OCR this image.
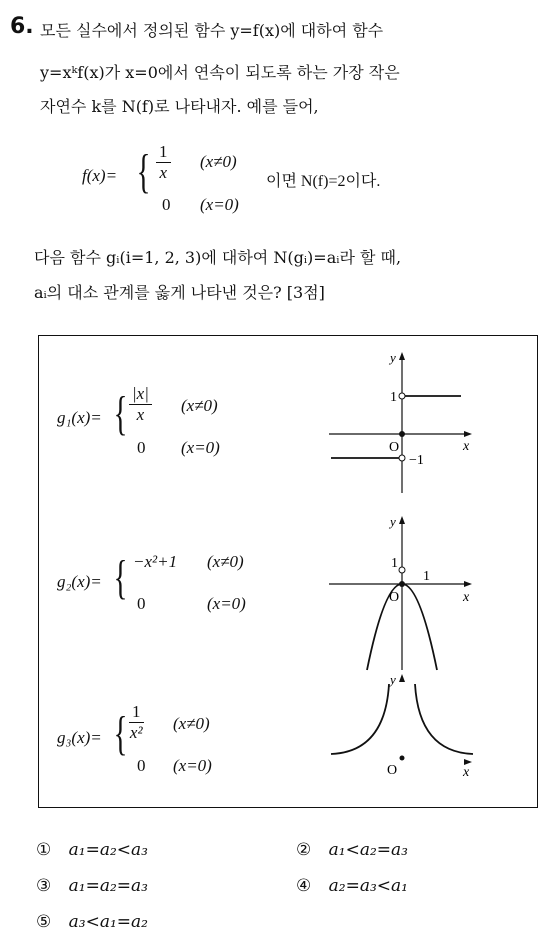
6. 모든 실수에서 정의된 함수 y=f(x)에 대하여 함수
y=xᵏf(x)가 x=0에서 연속이 되도록 하는 가장 작은
자연수 k를 N(f)로 나타내자. 예를 들어,
f(x)= { $\frac{1}{x} (x\ne 0)$
0 (x=0)
이면 N(f)=2이다.
다음 함수 gᵢ(i=1, 2, 3)에 대하여 N(gᵢ)=aᵢ라 할 때,
aᵢ의 대소 관계를 옳게 나타낸 것은? [3점]
g₁(x)= { $\frac{|x|}{x} (x\ne 0)$
0 (x=0)
y
x
O
1
−1
g₂(x)= { −x²+1 (x≠0)
0	(x=0)
y
x
O
1
1
g₃(x)= { $\frac{1}{\text{x²}} (x\ne 0)$
0 (x=0)
y
x
O
① a₁=a₂<a₃	② a₁<a₂=a₃
③ a₁=a₂=a₃	④ a₂=a₃<a₁
⑤ a₃<a₁=a₂
